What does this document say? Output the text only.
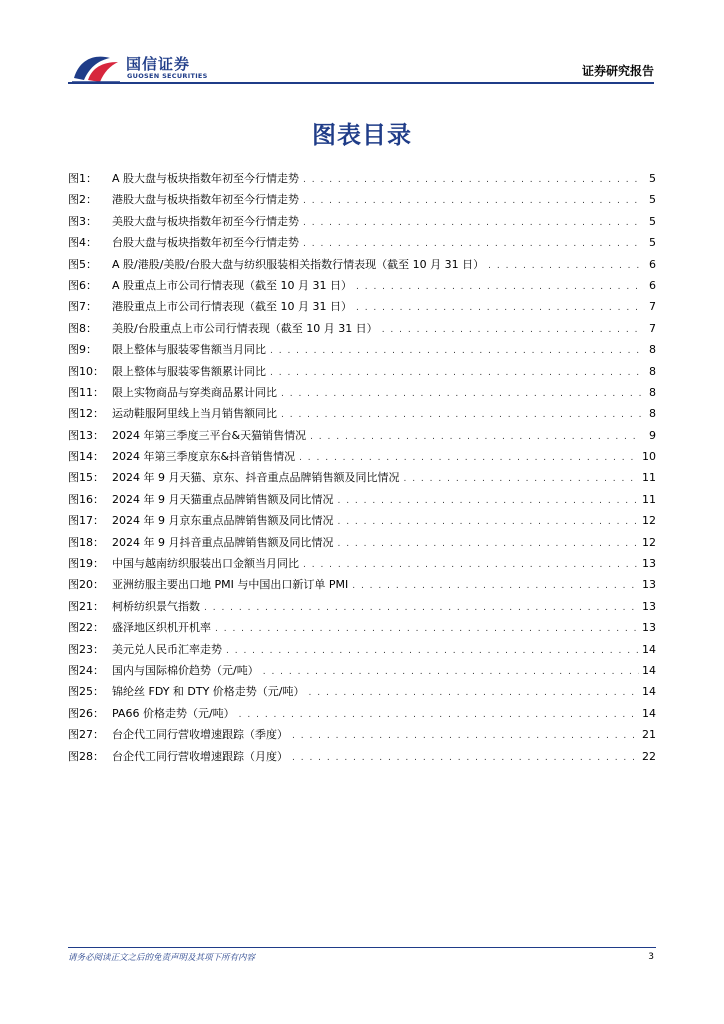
国信证券
GUOSEN SECURITIES	证券研究报告
图表目录
图1：	A 股大盘与板块指数年初至今行情走势 . . .	5
图2：	港股大盘与板块指数年初至今行情走势 . . .	5
图3：	美股大盘与板块指数年初至今行情走势 . . .	5
图4：	台股大盘与板块指数年初至今行情走势 . . .	5
图5：	A 股/港股/美股/台股大盘与纺织服装相关指数行情表现（截至 10 月 31 日） . . .	6
图6：	A 股重点上市公司行情表现（截至 10 月 31 日） . . .	6
图7：	港股重点上市公司行情表现（截至 10 月 31 日） . . .	7
图8：	美股/台股重点上市公司行情表现（截至 10 月 31 日） . . .	7
图9：	限上整体与服装零售额当月同比 . . .	8
图10： 限上整体与服装零售额累计同比 . . .	8
图11： 限上实物商品与穿类商品累计同比 . . .	8
图12： 运动鞋服阿里线上当月销售额同比 . . .	8
图13： 2024 年第三季度三平台&天猫销售情况 . . .	9
图14： 2024 年第三季度京东&抖音销售情况 . . .	10
图15： 2024 年 9 月天猫、京东、抖音重点品牌销售额及同比情况 . . .	11
图16： 2024 年 9 月天猫重点品牌销售额及同比情况 . . .	11
图17： 2024 年 9 月京东重点品牌销售额及同比情况 . . .	12
图18： 2024 年 9 月抖音重点品牌销售额及同比情况 . . .	12
图19： 中国与越南纺织服装出口金额当月同比 . . .	13
图20： 亚洲纺服主要出口地 PMI 与中国出口新订单 PMI . . .	13
图21： 柯桥纺织景气指数 . . .	13
图22： 盛泽地区织机开机率 . . .	13
图23： 美元兑人民币汇率走势 . . .	14
图24： 国内与国际棉价趋势（元/吨） . . .	14
图25： 锦纶丝 FDY 和 DTY 价格走势（元/吨） . . .	14
图26： PA66 价格走势（元/吨） . . .	14
图27： 台企代工同行营收增速跟踪（季度） . . .	21
图28： 台企代工同行营收增速跟踪（月度） . . .	22
请务必阅读正文之后的免责声明及其项下所有内容	3
